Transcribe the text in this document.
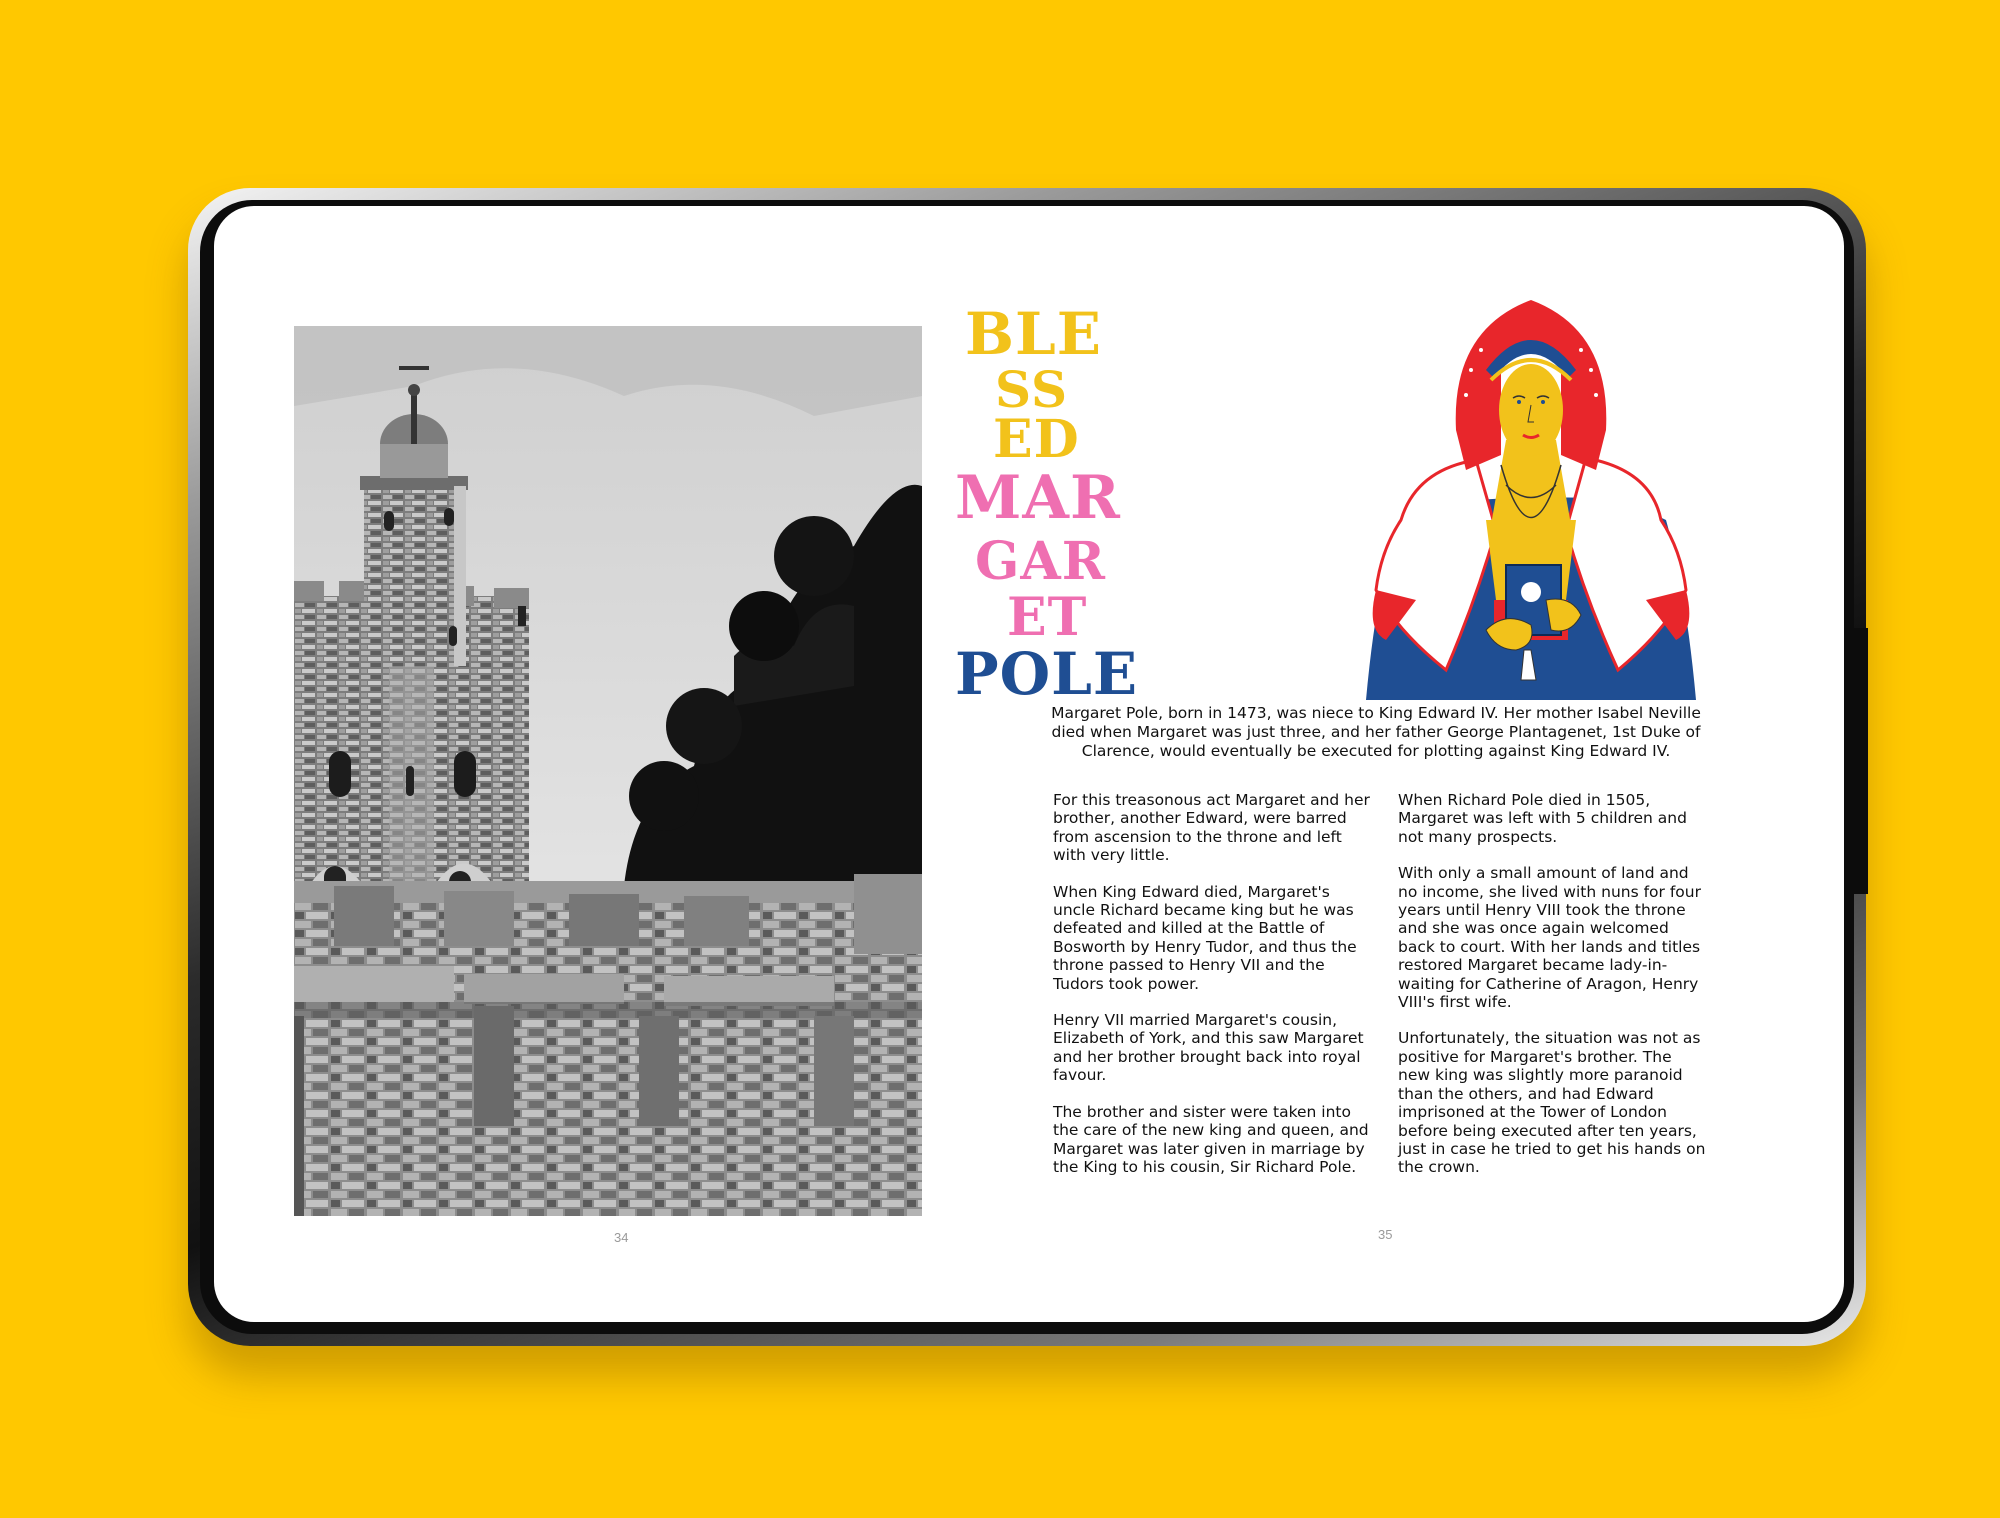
34
BLE
SS
ED
MAR
GAR
ET
POLE
Margaret Pole, born in 1473, was niece to King Edward IV. Her mother Isabel Neville died when Margaret was just three, and her father George Plantagenet, 1st Duke of Clarence, would eventually be executed for plotting against King Edward IV.

For this treasonous act Margaret and her brother, another Edward, were barred from ascension to the throne and left with very little.

When King Edward died, Margaret's uncle Richard became king but he was defeated and killed at the Battle of Bosworth by Henry Tudor, and thus the throne passed to Henry VII and the Tudors took power.

Henry VII married Margaret's cousin, Elizabeth of York, and this saw Margaret and her brother brought back into royal favour.

The brother and sister were taken into the care of the new king and queen, and Margaret was later given in marriage by the King to his cousin, Sir Richard Pole.

When Richard Pole died in 1505, Margaret was left with 5 children and not many prospects.

With only a small amount of land and no income, she lived with nuns for four years until Henry VIII took the throne and she was once again welcomed back to court. With her lands and titles restored Margaret became lady-in-waiting for Catherine of Aragon, Henry VIII's first wife.

Unfortunately, the situation was not as positive for Margaret's brother. The new king was slightly more paranoid than the others, and had Edward imprisoned at the Tower of London before being executed after ten years, just in case he tried to get his hands on the crown.

35
